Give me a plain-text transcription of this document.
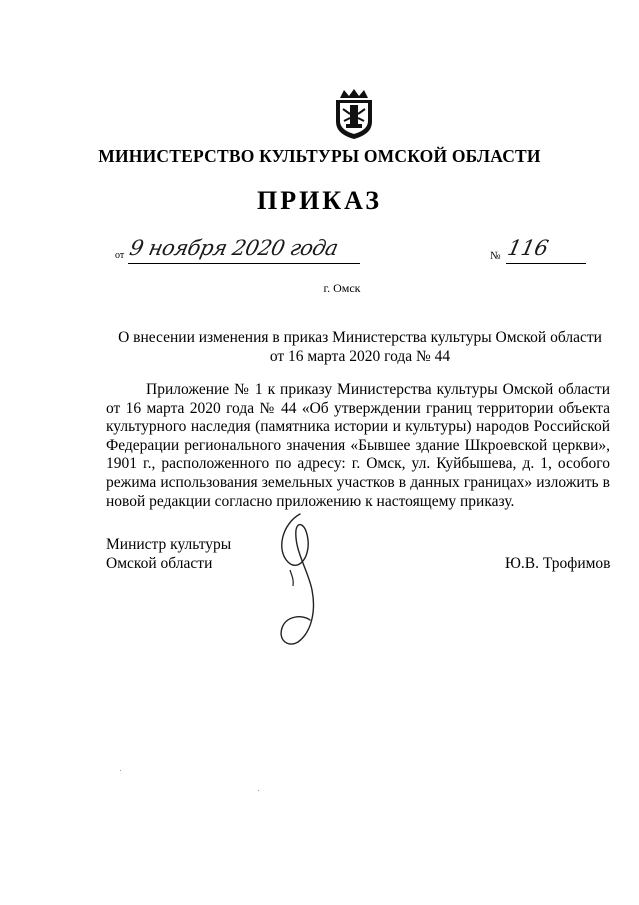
МИНИСТЕРСТВО КУЛЬТУРЫ ОМСКОЙ ОБЛАСТИ
ПРИКАЗ
от 9 ноября 2020 года	№ 116
г. Омск
О внесении изменения в приказ Министерства культуры Омской области
от 16 марта 2020 года № 44
Приложение № 1 к приказу Министерства культуры Омской области от 16 марта 2020 года № 44 «Об утверждении границ территории объекта культурного наследия (памятника истории и культуры) народов Российской Федерации регионального значения «Бывшее здание Шкроевской церкви», 1901 г., расположенного по адресу: г. Омск, ул. Куйбышева, д. 1, особого режима использования земельных участков в данных границах» изложить в новой редакции согласно приложению к настоящему приказу.
Министр культуры
Омской области	Ю.В. Трофимов
